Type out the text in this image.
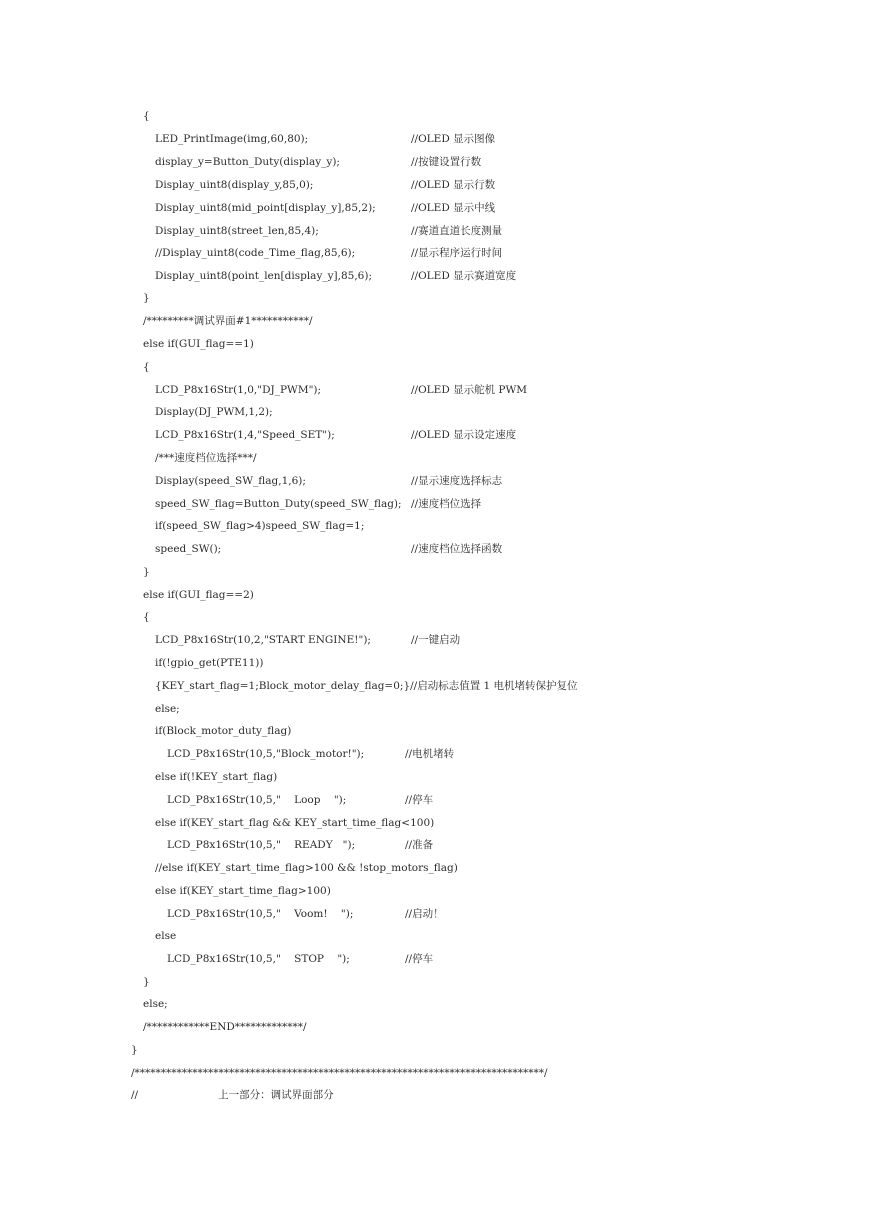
{
LED_PrintImage(img,60,80);	//OLED 显示图像
display_y=Button_Duty(display_y);	//按键设置行数
Display_uint8(display_y,85,0);	//OLED 显示行数
Display_uint8(mid_point[display_y],85,2);	//OLED 显示中线
Display_uint8(street_len,85,4);	//赛道直道长度测量
//Display_uint8(code_Time_flag,85,6);	//显示程序运行时间
Display_uint8(point_len[display_y],85,6);	//OLED 显示赛道宽度
}
/*********调试界面#1***********/
else if(GUI_flag==1)
{
LCD_P8x16Str(1,0,"DJ_PWM");	//OLED 显示舵机 PWM
Display(DJ_PWM,1,2);
LCD_P8x16Str(1,4,"Speed_SET");	//OLED 显示设定速度
/***速度档位选择***/
Display(speed_SW_flag,1,6);	//显示速度选择标志
speed_SW_flag=Button_Duty(speed_SW_flag); //速度档位选择
if(speed_SW_flag>4)speed_SW_flag=1;
speed_SW();	//速度档位选择函数
}
else if(GUI_flag==2)
{
LCD_P8x16Str(10,2,"START ENGINE!");	//一键启动
if(!gpio_get(PTE11))
{KEY_start_flag=1;Block_motor_delay_flag=0;}//启动标志值置 1 电机堵转保护复位
else;
if(Block_motor_duty_flag)
LCD_P8x16Str(10,5,"Block_motor!");	//电机堵转
else if(!KEY_start_flag)
LCD_P8x16Str(10,5,"    Loop    ");	//停车
else if(KEY_start_flag && KEY_start_time_flag<100)
LCD_P8x16Str(10,5,"    READY   ");	//准备
//else if(KEY_start_time_flag>100 && !stop_motors_flag)
else if(KEY_start_time_flag>100)
LCD_P8x16Str(10,5,"    Voom!    ");	//启动！
else
LCD_P8x16Str(10,5,"    STOP    ");	//停车
}
else;
/************END*************/
}
/******************************************************************************/
//                        上一部分：调试界面部分
